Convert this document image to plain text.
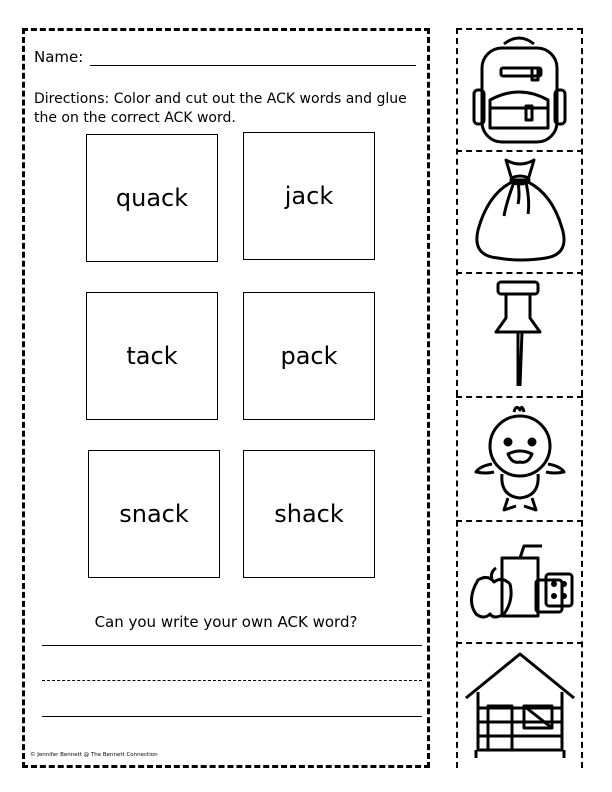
Name:

Directions: Color and cut out the ACK words and glue the on the correct ACK word.

quack	jack
tack	pack
snack	shack
Can you write your own ACK word?
© Jennifer Bennett @ The Bennett Connection
